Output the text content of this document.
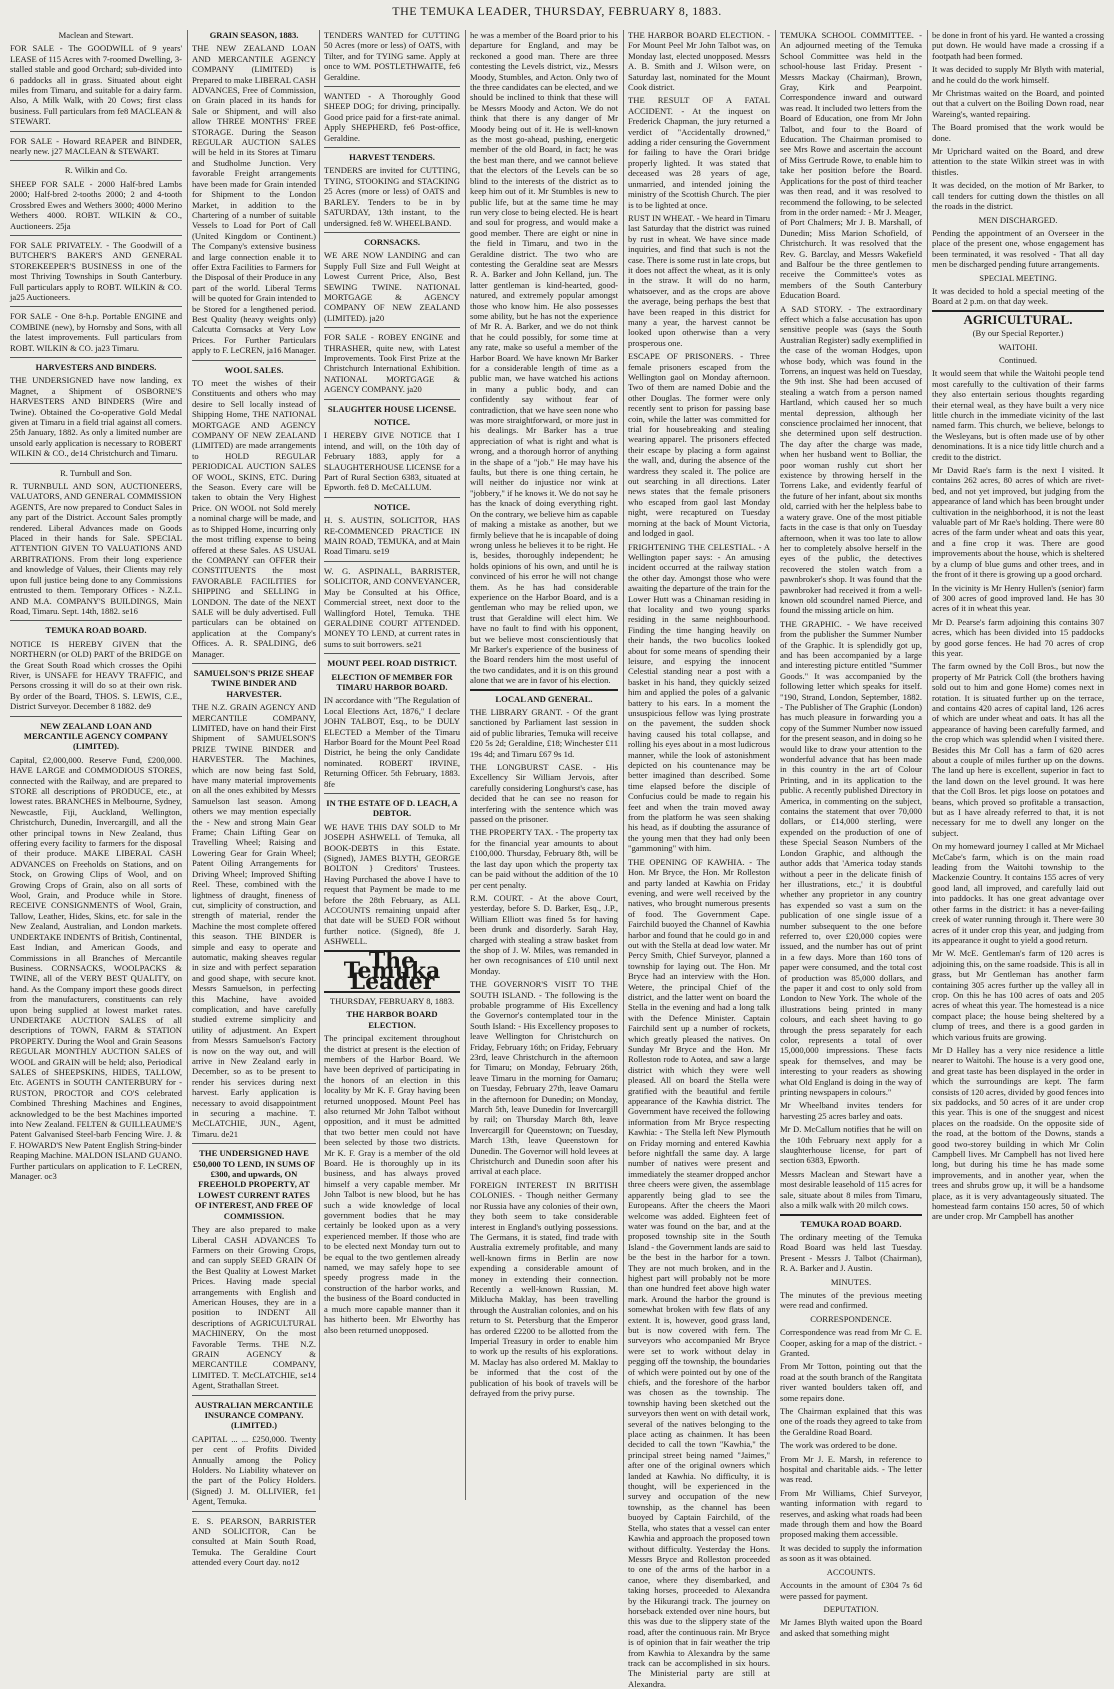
THE TEMUKA LEADER, THURSDAY, FEBRUARY 8, 1883.
Maclean and Stewart.
FOR SALE - The GOODWILL of 9 years' LEASE of 115 Acres with 7-roomed Dwelling, 3-stalled stable and good Orchard; sub-divided into 6 paddocks all in grass. Situated about eight miles from Timaru, and suitable for a dairy farm. Also, A Milk Walk, with 20 Cows; first class business. Full particulars from fe8 MACLEAN & STEWART.
FOR SALE - Howard REAPER and BINDER, nearly new. j27 MACLEAN & STEWART.
R. Wilkin and Co.
SHEEP FOR SALE - 2000 Half-bred Lambs 2000; Half-bred 2-tooths 2000; 2 and 4-tooth Crossbred Ewes and Wethers 3000; 4000 Merino Wethers 4000. ROBT. WILKIN & CO., Auctioneers. 25ja
FOR SALE PRIVATELY. - The Goodwill of a BUTCHER'S BAKER'S AND GENERAL STOREKEEPER'S BUSINESS in one of the most Thriving Townships in South Canterbury. Full particulars apply to ROBT. WILKIN & CO. ja25 Auctioneers.
FOR SALE - One 8-h.p. Portable ENGINE and COMBINE (new), by Hornsby and Sons, with all the latest improvements. Full particulars from ROBT. WILKIN & CO. ja23 Timaru.
HARVESTERS AND BINDERS.
THE UNDERSIGNED have now landing, ex Magnet, a Shipment of OSBORNE'S HARVESTERS AND BINDERS (Wire and Twine). Obtained the Co-operative Gold Medal given at Timaru in a field trial against all comers. 25th January, 1882. As only a limited number are unsold early application is necessary to ROBERT WILKIN & CO., de14 Christchurch and Timaru.
R. Turnbull and Son.
R. TURNBULL AND SON, AUCTIONEERS, VALUATORS, AND GENERAL COMMISSION AGENTS, Are now prepared to Conduct Sales in any part of the District. Account Sales promptly rendered. Liberal Advances made on Goods Placed in their hands for Sale. SPECIAL ATTENTION GIVEN TO VALUATIONS AND ARBITRATIONS. From their long experience and knowledge of Values, their Clients may rely upon full justice being done to any Commissions entrusted to them. Temporary Offices - N.Z.L. AND M.A. COMPANY'S BUILDINGS, Main Road, Timaru. Sept. 14th, 1882. se16
TEMUKA ROAD BOARD.
NOTICE IS HEREBY GIVEN that the NORTHERN (or OLD) PART of the BRIDGE on the Great South Road which crosses the Opihi River, is UNSAFE for HEAVY TRAFFIC, and Persons crossing it will do so at their own risk. By order of the Board, THOS. S. LEWIS, C.E., District Surveyor. December 8 1882. de9
NEW ZEALAND LOAN AND MERCANTILE AGENCY COMPANY (LIMITED).
Capital, £2,000,000. Reserve Fund, £200,000. HAVE LARGE and COMMODIOUS STORES, connected with the Railway, and are prepared to STORE all descriptions of PRODUCE, etc., at lowest rates. BRANCHES in Melbourne, Sydney, Newcastle, Fiji, Auckland, Wellington, Christchurch, Dunedin, Invercargill, and all the other principal towns in New Zealand, thus offering every facility to farmers for the disposal of their produce. MAKE LIBERAL CASH ADVANCES on Freeholds on Stations, and on Stock, on Growing Clips of Wool, and on Growing Crops of Grain, also on all sorts of Wool, Grain, and Produce while in Store. RECEIVE CONSIGNMENTS of Wool, Grain, Tallow, Leather, Hides, Skins, etc. for sale in the New Zealand, Australian, and London markets. UNDERTAKE INDENTS of British, Continental, East Indian, and American Goods, and Commissions in all Branches of Mercantile Business. CORNSACKS, WOOLPACKS & TWINE, all of the VERY BEST QUALITY, on hand. As the Company import these goods direct from the manufacturers, constituents can rely upon being supplied at lowest market rates. UNDERTAKE AUCTION SALES of all descriptions of TOWN, FARM & STATION PROPERTY. During the Wool and Grain Seasons REGULAR MONTHLY AUCTION SALES of WOOL and GRAIN will be held; also, Periodical SALES of SHEEPSKINS, HIDES, TALLOW, Etc. AGENTS in SOUTH CANTERBURY for - RUSTON, PROCTOR and CO'S celebrated Combined Threshing Machines and Engines, acknowledged to be the best Machines imported into New Zealand. FELTEN & GUILLEAUME'S Patent Galvanised Steel-barb Fencing Wire. J. & F. HOWARD'S New Patent English String-binder Reaping Machine. MALDON ISLAND GUANO. Further particulars on application to F. LeCREN, Manager. oc3
GRAIN SEASON, 1883.
THE NEW ZEALAND LOAN AND MERCANTILE AGENCY COMPANY (LIMITED) is Prepared to make LIBERAL CASH ADVANCES, Free of Commission, on Grain placed in its hands for Sale or Shipment, and will also allow THREE MONTHS' FREE STORAGE. During the Season REGULAR AUCTION SALES will be held in its Stores at Timaru and Studholme Junction. Very favorable Freight arrangements have been made for Grain intended for Shipment to the London Market, in addition to the Chartering of a number of suitable Vessels to Load for Port of Call (United Kingdom or Continent.) The Company's extensive business and large connection enable it to offer Extra Facilities to Farmers for the Disposal of their Produce in any part of the world. Liberal Terms will be quoted for Grain intended to be Stored for a lengthened period. Best Quality (heavy weights only) Calcutta Cornsacks at Very Low Prices. For Further Particulars apply to F. LeCREN, ja16 Manager.
WOOL SALES.
TO meet the wishes of their Constituents and others who may desire to Sell locally instead of Shipping Home, THE NATIONAL MORTGAGE AND AGENCY COMPANY OF NEW ZEALAND (LIMITED) are made arrangements to HOLD REGULAR PERIODICAL AUCTION SALES OF WOOL, SKINS, ETC. During the Season. Every care will be taken to obtain the Very Highest Price. ON WOOL not Sold merely a nominal charge will be made, and as to Shipped Home, incurring only the most trifling expense to being offered at these Sales. AS USUAL the COMPANY can OFFER their CONSTITUENTS the most FAVORABLE FACILITIES for SHIPPING and SELLING in LONDON. The date of the NEXT SALE will be duly advertised. Full particulars can be obtained on application at the Company's Offices. A. R. SPALDING, de6 Manager.
SAMUELSON'S PRIZE SHEAF TWINE BINDER AND HARVESTER.
THE N.Z. GRAIN AGENCY AND MERCANTILE COMPANY, LIMITED, have on hand their First Shipment of SAMUELSON'S PRIZE TWINE BINDER and HARVESTER. The Machines, which are now being fast Sold, have many material improvements on all the ones exhibited by Messrs Samuelson last season. Among others we may mention especially the - New and strong Main Gear Frame; Chain Lifting Gear on Travelling Wheel; Raising and Lowering Gear for Grain Wheel; Patent Oiling Arrangements for Driving Wheel; Improved Shifting Reel. These, combined with the lightness of draught, fineness of cut, simplicity of construction, and strength of material, render the Machine the most complete offered this season. THE BINDER is simple and easy to operate and automatic, making sheaves regular in size and with perfect separation and good shape, with secure knot. Messrs Samuelson, in perfecting this Machine, have avoided complication, and have carefully studied extreme simplicity and utility of adjustment. An Expert from Messrs Samuelson's Factory is now on the way out, and will arrive in New Zealand early in December, so as to be present to render his services during next harvest. Early application is necessary to avoid disappointment in securing a machine. T. McCLATCHIE, JUN., Agent, Timaru. de21
THE UNDERSIGNED HAVE £50,000 TO LEND, IN SUMS OF £300, and upwards, ON FREEHOLD PROPERTY, AT LOWEST CURRENT RATES OF INTEREST, AND FREE OF COMMISSION.
They are also prepared to make Liberal CASH ADVANCES To Farmers on their Growing Crops, and can supply SEED GRAIN Of the Best Quality at Lowest Market Prices. Having made special arrangements with English and American Houses, they are in a position to INDENT All descriptions of AGRICULTURAL MACHINERY, On the most Favorable Terms. THE N.Z. GRAIN AGENCY & MERCANTILE COMPANY, LIMITED. T. McCLATCHIE, se14 Agent, Strathallan Street.
AUSTRALIAN MERCANTILE INSURANCE COMPANY. (LIMITED.)
CAPITAL ... ... £250,000. Twenty per cent of Profits Divided Annually among the Policy Holders. No Liability whatever on the part of the Policy Holders. (Signed) J. M. OLLIVIER, fe1 Agent, Temuka.
E. S. PEARSON, BARRISTER AND SOLICITOR, Can be consulted at Main South Road, Temuka. The Geraldine Court attended every Court day. no12
TENDERS WANTED for CUTTING 50 Acres (more or less) of OATS, with Tilter, and for TYING same. Apply at once to WM. POSTLETHWAITE, fe6 Geraldine.
WANTED - A Thoroughly Good SHEEP DOG; for driving, principally. Good price paid for a first-rate animal. Apply SHEPHERD, fe6 Post-office, Geraldine.
HARVEST TENDERS.
TENDERS are invited for CUTTING, TYING, STOOKING and STACKING 25 Acres (more or less) of OATS and BARLEY. Tenders to be in by SATURDAY, 13th instant, to the undersigned. fe8 W. WHEELBAND.
CORNSACKS.
WE ARE NOW LANDING and can Supply Full Size and Full Weight at Lowest Current Price, Also, Best SEWING TWINE. NATIONAL MORTGAGE & AGENCY COMPANY OF NEW ZEALAND (LIMITED). ja20
FOR SALE - ROBEY ENGINE and THRASHER, quite new, with Latest Improvements. Took First Prize at the Christchurch International Exhibition. NATIONAL MORTGAGE & AGENCY COMPANY. ja20
SLAUGHTER HOUSE LICENSE.
NOTICE.
I HEREBY GIVE NOTICE that I intend, and will, on the 10th day of February 1883, apply for a SLAUGHTERHOUSE LICENSE for a Part of Rural Section 6383, situated at Epworth. fe8 D. McCALLUM.
NOTICE.
H. S. AUSTIN, SOLICITOR, HAS RE-COMMENCED PRACTICE IN MAIN ROAD, TEMUKA, and at Main Road Timaru. se19
W. G. ASPINALL, BARRISTER, SOLICITOR, AND CONVEYANCER, May be Consulted at his Office, Commercial street, next door to the Wallingford Hotel, Temuka. THE GERALDINE COURT ATTENDED. MONEY TO LEND, at current rates in sums to suit borrowers. se21
MOUNT PEEL ROAD DISTRICT.
ELECTION OF MEMBER FOR TIMARU HARBOR BOARD.
IN accordance with "The Regulation of Local Elections Act, 1876," I declare JOHN TALBOT, Esq., to be DULY ELECTED a Member of the Timaru Harbor Board for the Mount Peel Road District, he being the only Candidate nominated. ROBERT IRVINE, Returning Officer. 5th February, 1883. 8fe
IN THE ESTATE OF D. LEACH, A DEBTOR.
WE HAVE THIS DAY SOLD to Mr JOSEPH ASHWELL of Temuka, all BOOK-DEBTS in this Estate. (Signed), JAMES BLYTH, GEORGE BOLTON } Creditors' Trustees. Having Purchased the above I have to request that Payment be made to me before the 28th February, as ALL ACCOUNTS remaining unpaid after that date will be SUED FOR without further notice. (Signed), 8fe J. ASHWELL.
The Temuka Leader
THURSDAY, FEBRUARY 8, 1883.
THE HARBOR BOARD ELECTION.
The principal excitement throughout the district at present is the election of members of the Harbor Board. We have been deprived of participating in the honors of an election in this locality by Mr K. F. Gray having been returned unopposed. Mount Peel has also returned Mr John Talbot without opposition, and it must be admitted that two better men could not have been selected by those two districts. Mr K. F. Gray is a member of the old Board. He is thoroughly up in its business, and has always proved himself a very capable member. Mr John Talbot is new blood, but he has such a wide knowledge of local government bodies that he may certainly be looked upon as a very experienced member. If those who are to be elected next Monday turn out to be equal to the two gentlemen already named, we may safely hope to see speedy progress made in the construction of the harbor works, and the business of the Board conducted in a much more capable manner than it has hitherto been. Mr Elworthy has also been returned unopposed.
he was a member of the Board prior to his departure for England, and may be reckoned a good man. There are three contesting the Levels district, viz., Messrs Moody, Stumbles, and Acton. Only two of the three candidates can be elected, and we should be inclined to think that these will be Messrs Moody and Acton. We do not think that there is any danger of Mr Moody being out of it. He is well-known as the most go-ahead, pushing, energetic member of the old Board, in fact; he was the best man there, and we cannot believe that the electors of the Levels can be so blind to the interests of the district as to keep him out of it. Mr Stumbles is new to public life, but at the same time he may run very close to being elected. He is heart and soul for progress, and would make a good member. There are eight or nine in the field in Timaru, and two in the Geraldine district. The two who are contesting the Geraldine seat are Messrs R. A. Barker and John Kelland, jun. The latter gentleman is kind-hearted, good-natured, and extremely popular amongst those who know him. He also possesses some ability, but he has not the experience of Mr R. A. Barker, and we do not think that he could possibly, for some time at any rate, make so useful a member of the Harbor Board. We have known Mr Barker for a considerable length of time as a public man, we have watched his actions in many a public body, and can confidently say without fear of contradiction, that we have seen none who was more straightforward, or more just in his dealings. Mr Barker has a true appreciation of what is right and what is wrong, and a thorough horror of anything in the shape of a "job." He may have his faults, but there is one thing certain, he will neither do injustice nor wink at "jobbery," if he knows it. We do not say he has the knack of doing everything right. On the contrary, we believe him as capable of making a mistake as another, but we firmly believe that he is incapable of doing wrong unless he believes it to be right. He is, besides, thoroughly independent; he holds opinions of his own, and until he is convinced of his error he will not change them. As he has had considerable experience on the Harbor Board, and is a gentleman who may be relied upon, we trust that Geraldine will elect him. We have no fault to find with his opponent, but we believe most conscientiously that Mr Barker's experience of the business of the Board renders him the most useful of the two candidates, and it is on this ground alone that we are in favor of his election.
LOCAL AND GENERAL.
THE LIBRARY GRANT. - Of the grant sanctioned by Parliament last session in aid of public libraries, Temuka will receive £20 5s 2d; Geraldine, £18; Winchester £11 19s 4d; and Timaru £67 9s 1d.
THE LONGBURST CASE. - His Excellency Sir William Jervois, after carefully considering Longhurst's case, has decided that he can see no reason for interfering with the sentence which was passed on the prisoner.
THE PROPERTY TAX. - The property tax for the financial year amounts to about £100,000. Thursday, February 8th, will be the last day upon which the property tax can be paid without the addition of the 10 per cent penalty.
R.M. COURT. - At the above Court, yesterday, before S. D. Barker, Esq., J.P., William Elliott was fined 5s for having been drunk and disorderly. Sarah Hay, charged with stealing a straw basket from the shop of J. W. Miles, was remanded in her own recognisances of £10 until next Monday.
THE GOVERNOR'S VISIT TO THE SOUTH ISLAND. - The following is the probable programme of His Excellency the Governor's contemplated tour in the South Island: - His Excellency proposes to leave Wellington for Christchurch on Friday, February 16th; on Friday, February 23rd, leave Christchurch in the afternoon for Timaru; on Monday, February 26th, leave Timaru in the morning for Oamaru; on Tuesday, February 27th, leave Oamaru in the afternoon for Dunedin; on Monday, March 5th, leave Dunedin for Invercargill by rail; on Thursday March 8th, leave Invercargill for Queenstown; on Tuesday, March 13th, leave Queenstown for Dunedin. The Governor will hold levees at Christchurch and Dunedin soon after his arrival at each place.
FOREIGN INTEREST IN BRITISH COLONIES. - Though neither Germany nor Russia have any colonies of their own, they both seem to take considerable interest in England's outlying possessions. The Germans, it is stated, find trade with Australia extremely profitable, and many well-known firms in Berlin are now expending a considerable amount of money in extending their connection. Recently a well-known Russian, M. Miklucha Maklay, has been travelling through the Australian colonies, and on his return to St. Petersburg that the Emperor has ordered £2200 to be allotted from the Imperial Treasury in order to enable him to work up the results of his explorations. M. Maclay has also ordered M. Maklay to be informed that the cost of the publication of his book of travels will be defrayed from the privy purse.
THE HARBOR BOARD ELECTION. - For Mount Peel Mr John Talbot was, on Monday last, elected unopposed. Messrs A. B. Smith and J. Wilson were, on Saturday last, nominated for the Mount Cook district.
THE RESULT OF A FATAL ACCIDENT. - At the inquest on Frederick Chapman, the jury returned a verdict of "Accidentally drowned," adding a rider censuring the Government for failing to have the Orari bridge properly lighted. It was stated that deceased was 28 years of age, unmarried, and intended joining the ministry of the Scottish Church. The pier is to be lighted at once.
RUST IN WHEAT. - We heard in Timaru last Saturday that the district was ruined by rust in wheat. We have since made inquiries, and find that such is not the case. There is some rust in late crops, but it does not affect the wheat, as it is only in the straw. It will do no harm, whatsoever, and as the crops are above the average, being perhaps the best that have been reaped in this district for many a year, the harvest cannot be looked upon otherwise than a very prosperous one.
ESCAPE OF PRISONERS. - Three female prisoners escaped from the Wellington gaol on Monday afternoon. Two of them are named Dobie and the other Douglas. The former were only recently sent to prison for passing base coin, while the latter was committed for trial for housebreaking and stealing wearing apparel. The prisoners effected their escape by placing a form against the wall, and, during the absence of the wardress they scaled it. The police are out searching in all directions. Later news states that the female prisoners who escaped from gaol last Monday night, were recaptured on Tuesday morning at the back of Mount Victoria, and lodged in gaol.
FRIGHTENING THE CELESTIAL. - A Wellington paper says: - An amusing incident occurred at the railway station the other day. Amongst those who were awaiting the departure of the train for the Lower Hutt was a Chinaman residing in that locality and two young sparks residing in the same neighbourhood. Finding the time hanging heavily on their hands, the two bucolics looked about for some means of spending their leisure, and espying the innocent Celestial standing near a post with a basket in his hand, they quickly seized him and applied the poles of a galvanic battery to his ears. In a moment the unsuspicious fellow was lying prostrate on the pavement, the sudden shock having caused his total collapse, and rolling his eyes about in a most ludicrous manner, while the look of astonishment depicted on his countenance may be better imagined than described. Some time elapsed before the disciple of Confucius could be made to regain his feet and when the train moved away from the platform he was seen shaking his head, as if doubting the assurance of the young men that they had only been "gammoning" with him.
THE OPENING OF KAWHIA. - The Hon. Mr Bryce, the Hon. Mr Rolleston and party landed at Kawhia on Friday evening, and were well received by the natives, who brought numerous presents of food. The Government Cape. Fairchild buoyed the Channel of Kawhia harbor and found that he could go in and out with the Stella at dead low water. Mr Percy Smith, Chief Surveyor, planned a township for laying out. The Hon. Mr Bryce had an interview with the Hon. Wetere, the principal Chief of the district, and the latter went on board the Stella in the evening and had a long talk with the Defence Minister. Captain Fairchild sent up a number of rockets, which greatly pleased the natives. On Sunday Mr Bryce and the Hon. Mr Rolleston rode to Aotea, and saw a large district with which they were well pleased. All on board the Stella were gratified with the beautiful and fertile appearance of the Kawhia district. The Government have received the following information from Mr Bryce respecting Kawhia: - The Stella left New Plymouth on Friday morning and entered Kawhia before nightfall the same day. A large number of natives were present and immediately the steamer dropped anchor three cheers were given, the assemblage apparently being glad to see the Europeans. After the cheers the Maori welcome was added. Eighteen feet of water was found on the bar, and at the proposed township site in the South Island - the Government lands are said to be the best in the harbor for a town. They are not much broken, and in the highest part will probably not be more than one hundred feet above high water mark. Around the harbor the ground is somewhat broken with few flats of any extent. It is, however, good grass land, but is now covered with fern. The surveyors who accompanied Mr Bryce were set to work without delay in pegging off the township, the boundaries of which were pointed out by one of the chiefs, and the foreshore of the harbor was chosen as the township. The township having been sketched out the surveyors then went on with detail work, several of the natives belonging to the place acting as chainmen. It has been decided to call the town "Kawhia," the principal street being named "Jaimes," after one of the original owners which landed at Kawhia. No difficulty, it is thought, will be experienced in the survey and occupation of the new township, as the channel has been buoyed by Captain Fairchild, of the Stella, who states that a vessel can enter Kawhia and approach the proposed town without difficulty. Yesterday the Hons. Messrs Bryce and Rolleston proceeded to one of the arms of the harbor in a canoe, where they disembarked, and taking horses, proceeded to Alexandra by the Hikurangi track. The journey on horseback extended over nine hours, but this was due to the slippery state of the road, after the continuous rain. Mr Bryce is of opinion that in fair weather the trip from Kawhia to Alexandra by the same track can be accomplished in six hours. The Ministerial party are still at Alexandra.
TEMUKA SCHOOL COMMITTEE. - An adjourned meeting of the Temuka School Committee was held in the school-house last Friday. Present - Messrs Mackay (Chairman), Brown, Gray, Kirk and Pearpoint. Correspondence inward and outward was read. It included two letters from the Board of Education, one from Mr John Talbot, and four to the Board of Education. The Chairman promised to see Mrs Rowe and ascertain the account of Miss Gertrude Rowe, to enable him to take her position before the Board. Applications for the post of third teacher was then read, and it was resolved to recommend the following, to be selected from in the order named: - Mr J. Meager, of Port Chalmers; Mr J. B. Marshall, of Dunedin; Miss Marion Schofield, of Christchurch. It was resolved that the Rev. G. Barclay, and Messrs Wakefield and Balfour be the three gentlemen to receive the Committee's votes as members of the South Canterbury Education Board.
A SAD STORY. - The extraordinary effect which a false accusation has upon sensitive people was (says the South Australian Register) sadly exemplified in the case of the woman Hodges, upon whose body, which was found in the Torrens, an inquest was held on Tuesday, the 9th inst. She had been accused of stealing a watch from a person named Hartland, which caused her so much mental depression, although her conscience proclaimed her innocent, that she determined upon self destruction. The day after the charge was made, when her husband went to Bolliar, the poor woman rushly cut short her existence by throwing herself in the Torrens Lake, and evidently fearful of the future of her infant, about six months old, carried with her the helpless babe to a watery grave. One of the most pitiable facts in the case is that only on Tuesday afternoon, when it was too late to allow her to completely absolve herself in the eyes of the public, the detectives recovered the stolen watch from a pawnbroker's shop. It was found that the pawnbroker had received it from a well-known old scoundrel named Pierce, and found the missing article on him.
THE GRAPHIC. - We have received from the publisher the Summer Number of the Graphic. It is splendidly got up, and has been accompanied by a large and interesting picture entitled "Summer Goods." It was accompanied by the following letter which speaks for itself. "190, Strand, London, September, 1882. - The Publisher of The Graphic (London) has much pleasure in forwarding you a copy of the Summer Number now issued for the present season, and in doing so he would like to draw your attention to the wonderful advance that has been made in this country in the art of Colour Printing, and in its application to the public. A recently published Directory in America, in commenting on the subject, contains the statement that over 70,000 dollars, or £14,000 sterling, were expended on the production of one of these Special Season Numbers of the London Graphic, and although the author adds that 'America today stands without a peer in the delicate finish of her illustrations, etc.,' it is doubtful whether any proprietor in any country has expended so vast a sum on the publication of one single issue of a number subsequent to the one before referred to, over £20,000 copies were issued, and the number has out of print in a few days. More than 160 tons of paper were consumed, and the total cost of production was 85,000 dollars, and the paper it and cost to only sold from London to New York. The whole of the illustrations being printed in many colours, and each sheet having to go through the press separately for each color, represents a total of over 15,000,000 impressions. These facts speak for themselves, and may be interesting to your readers as showing what Old England is doing in the way of printing newspapers in colours."
Mr Wheelband invites tenders for harvesting 25 acres barley and oats.
Mr D. McCallum notifies that he will on the 10th February next apply for a slaughterhouse license, for part of section 6383, Epworth.
Messrs Maclean and Stewart have a most desirable leasehold of 115 acres for sale, situate about 8 miles from Timaru, also a milk walk with 20 milch cows.
TEMUKA ROAD BOARD.
The ordinary meeting of the Temuka Road Board was held last Tuesday. Present - Messrs J. Talbot (Chairman), R. A. Barker and J. Austin.
MINUTES.
The minutes of the previous meeting were read and confirmed.
CORRESPONDENCE.
Correspondence was read from Mr C. E. Cooper, asking for a map of the district. - Granted.
From Mr Totton, pointing out that the road at the south branch of the Rangitata river wanted boulders taken off, and some repairs done.
The Chairman explained that this was one of the roads they agreed to take from the Geraldine Road Board.
The work was ordered to be done.
From Mr J. E. Marsh, in reference to hospital and charitable aids. - The letter was read.
From Mr Williams, Chief Surveyor, wanting information with regard to reserves, and asking what roads had been made through them and how the Board proposed making them accessible.
It was decided to supply the information as soon as it was obtained.
ACCOUNTS.
Accounts in the amount of £304 7s 6d were passed for payment.
DEPUTATION.
Mr James Blyth waited upon the Board and asked that something might
be done in front of his yard. He wanted a crossing put down. He would have made a crossing if a footpath had been formed.
It was decided to supply Mr Blyth with material, and he could do the work himself.
Mr Christmas waited on the Board, and pointed out that a culvert on the Boiling Down road, near Wareing's, wanted repairing.
The Board promised that the work would be done.
Mr Uprichard waited on the Board, and drew attention to the state Wilkin street was in with thistles.
It was decided, on the motion of Mr Barker, to call tenders for cutting down the thistles on all the roads in the district.
MEN DISCHARGED.
Pending the appointment of an Overseer in the place of the present one, whose engagement has been terminated, it was resolved - That all day men be discharged pending future arrangements.
SPECIAL MEETING.
It was decided to hold a special meeting of the Board at 2 p.m. on that day week.
AGRICULTURAL.
(By our Special Reporter.)
WAITOHI.
Continued.
It would seem that while the Waitohi people tend most carefully to the cultivation of their farms they also entertain serious thoughts regarding their eternal weal, as they have built a very nice little church in the immediate vicinity of the last named farm. This church, we believe, belongs to the Wesleyans, but is often made use of by other denominations. It is a nice tidy little church and a credit to the district.
Mr David Rae's farm is the next I visited. It contains 262 acres, 80 acres of which are rivet-bed, and not yet improved, but judging from the appearance of land which has been brought under cultivation in the neighborhood, it is not the least valuable part of Mr Rae's holding. There were 80 acres of the farm under wheat and oats this year, and a fine crop it was. There are good improvements about the house, which is sheltered by a clump of blue gums and other trees, and in the front of it there is growing up a good orchard.
In the vicinity is Mr Henry Hullen's (senior) farm of 300 acres of good improved land. He has 30 acres of it in wheat this year.
Mr D. Pearse's farm adjoining this contains 307 acres, which has been divided into 15 paddocks by good gorse fences. He had 70 acres of crop this year.
The farm owned by the Coll Bros., but now the property of Mr Patrick Coll (the brothers having sold out to him and gone Home) comes next in rotation. It is situated further up on the terrace, and contains 420 acres of capital land, 126 acres of which are under wheat and oats. It has all the appearance of having been carefully farmed, and the crop which was splendid when I visited there. Besides this Mr Coll has a farm of 620 acres about a couple of miles further up on the downs. The land up here is excellent, superior in fact to the land down on the level ground. It was here that the Coll Bros. let pigs loose on potatoes and beans, which proved so profitable a transaction, but as I have already referred to that, it is not necessary for me to dwell any longer on the subject.
On my homeward journey I called at Mr Michael McCabe's farm, which is on the main road leading from the Waitohi township to the Mackenzie Country. It contains 155 acres of very good land, all improved, and carefully laid out into paddocks. It has one great advantage over other farms in the district: it has a never-failing creek of water running through it. There were 30 acres of it under crop this year, and judging from its appearance it ought to yield a good return.
Mr W. McE. Gentleman's farm of 120 acres is adjoining this, on the same roadside. This is all in grass, but Mr Gentleman has another farm containing 305 acres further up the valley all in crop. On this he has 100 acres of oats and 205 acres of wheat this year. The homestead is a nice compact place; the house being sheltered by a clump of trees, and there is a good garden in which various fruits are growing.
Mr D Halley has a very nice residence a little nearer to Waitohi. The house is a very good one, and great taste has been displayed in the order in which the surroundings are kept. The farm consists of 120 acres, divided by good fences into six paddocks, and 50 acres of it are under crop this year. This is one of the snuggest and nicest places on the roadside. On the opposite side of the road, at the bottom of the Downs, stands a good two-storey building in which Mr Colin Campbell lives. Mr Campbell has not lived here long, but during his time he has made some improvements, and in another year, when the trees and shrubs grow up, it will be a handsome place, as it is very advantageously situated. The homestead farm contains 150 acres, 50 of which are under crop. Mr Campbell has another
